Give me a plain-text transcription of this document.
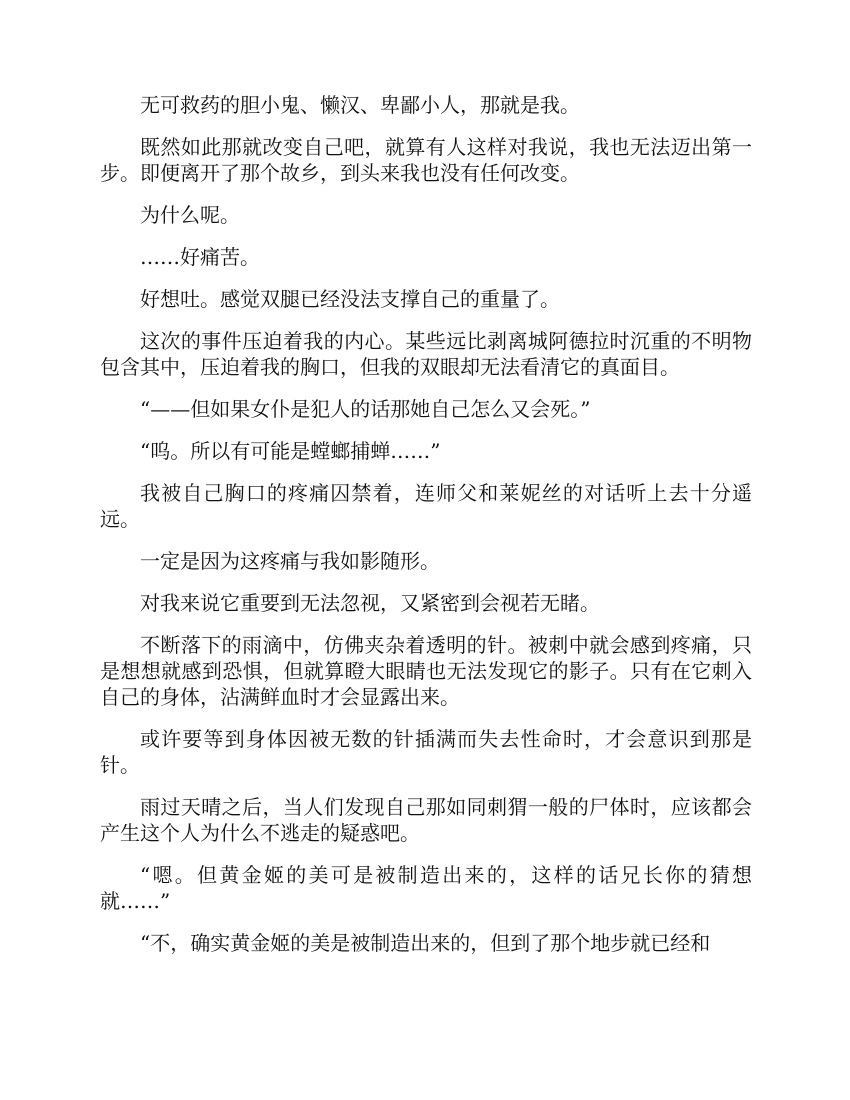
无可救药的胆小鬼、懒汉、卑鄙小人，那就是我。

既然如此那就改变自己吧，就算有人这样对我说，我也无法迈出第一步。即便离开了那个故乡，到头来我也没有任何改变。

为什么呢。

……好痛苦。

好想吐。感觉双腿已经没法支撑自己的重量了。

这次的事件压迫着我的内心。某些远比剥离城阿德拉时沉重的不明物包含其中，压迫着我的胸口，但我的双眼却无法看清它的真面目。

“——但如果女仆是犯人的话那她自己怎么又会死。”

“呜。所以有可能是螳螂捕蝉……”

我被自己胸口的疼痛囚禁着，连师父和莱妮丝的对话听上去十分遥远。

一定是因为这疼痛与我如影随形。

对我来说它重要到无法忽视，又紧密到会视若无睹。

不断落下的雨滴中，仿佛夹杂着透明的针。被刺中就会感到疼痛，只是想想就感到恐惧，但就算瞪大眼睛也无法发现它的影子。只有在它刺入自己的身体，沾满鲜血时才会显露出来。

或许要等到身体因被无数的针插满而失去性命时，才会意识到那是针。

雨过天晴之后，当人们发现自己那如同刺猬一般的尸体时，应该都会产生这个人为什么不逃走的疑惑吧。

“嗯。但黄金姬的美可是被制造出来的，这样的话兄长你的猜想就……”

“不，确实黄金姬的美是被制造出来的，但到了那个地步就已经和
